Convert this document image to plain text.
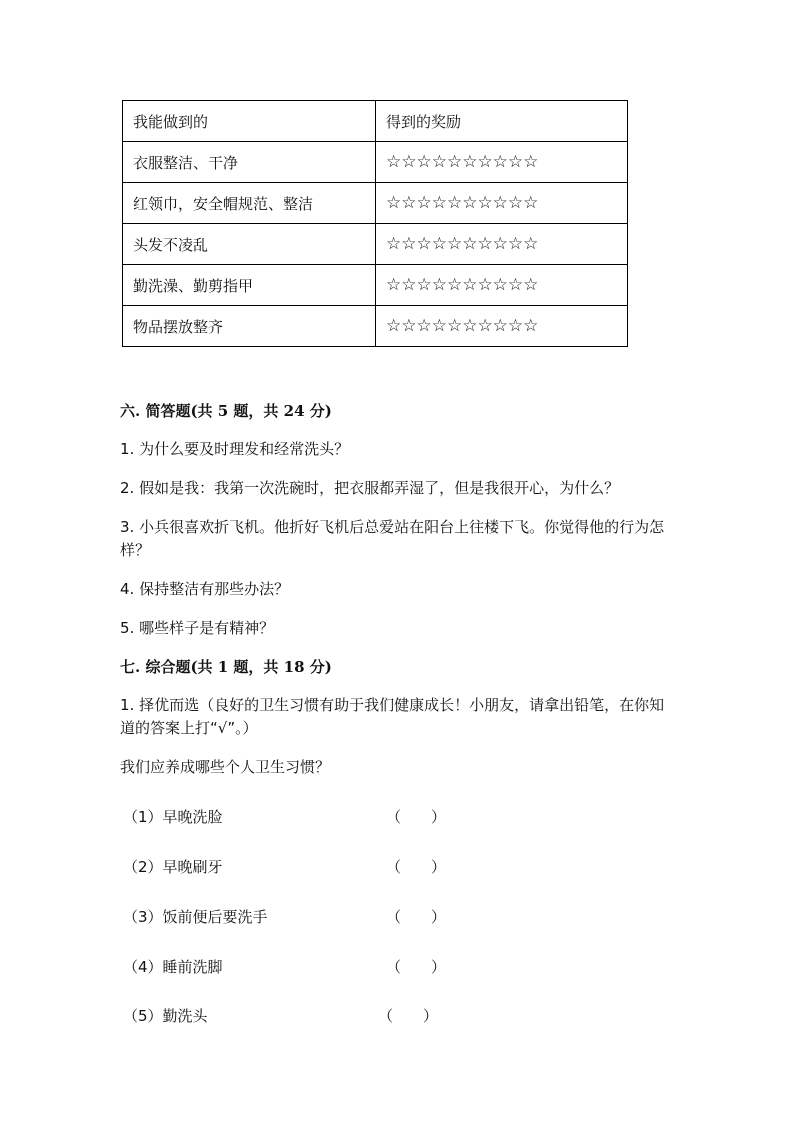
我能做到的	得到的奖励
衣服整洁、干净	☆☆☆☆☆☆☆☆☆☆
红领巾，安全帽规范、整洁	☆☆☆☆☆☆☆☆☆☆
头发不凌乱	☆☆☆☆☆☆☆☆☆☆
勤洗澡、勤剪指甲	☆☆☆☆☆☆☆☆☆☆
物品摆放整齐	☆☆☆☆☆☆☆☆☆☆
六. 简答题(共 5 题，共 24 分)
1. 为什么要及时理发和经常洗头？
2. 假如是我：我第一次洗碗时，把衣服都弄湿了，但是我很开心，为什么？
3. 小兵很喜欢折飞机。他折好飞机后总爱站在阳台上往楼下飞。你觉得他的行为怎样？
4. 保持整洁有那些办法？
5. 哪些样子是有精神？
七. 综合题(共 1 题，共 18 分)
1. 择优而选（良好的卫生习惯有助于我们健康成长！小朋友，请拿出铅笔，在你知道的答案上打“√”。）
我们应养成哪些个人卫生习惯？
（1）早晚洗脸	（　　）
（2）早晚刷牙	（　　）
（3）饭前便后要洗手	（　　）
（4）睡前洗脚	（　　）
（5）勤洗头	（　　）
